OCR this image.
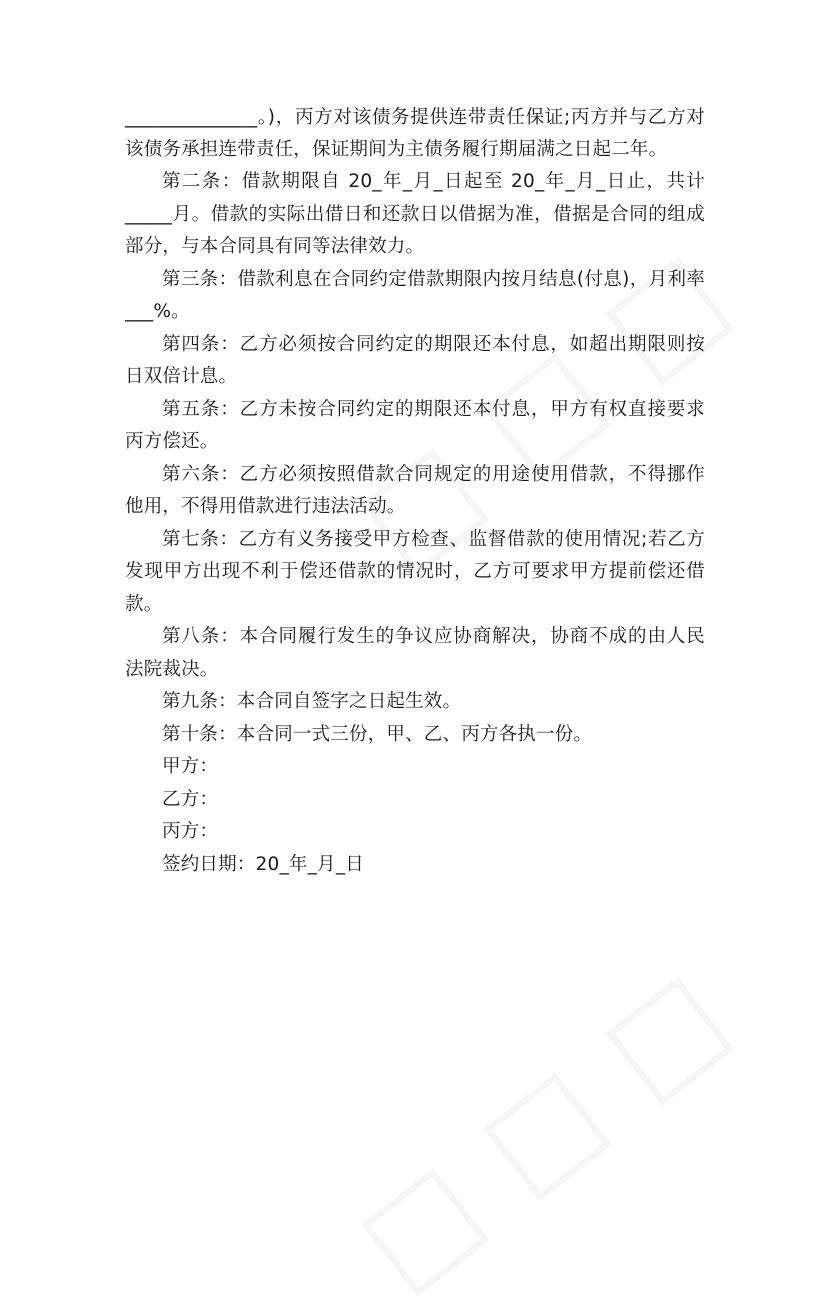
______________。)，丙方对该债务提供连带责任保证;丙方并与乙方对
该债务承担连带责任，保证期间为主债务履行期届满之日起二年。
第二条：借款期限自 20_年_月_日起至 20_年_月_日止，共计
_____月。借款的实际出借日和还款日以借据为准，借据是合同的组成
部分，与本合同具有同等法律效力。
第三条：借款利息在合同约定借款期限内按月结息(付息)，月利率
___%。
第四条：乙方必须按合同约定的期限还本付息，如超出期限则按
日双倍计息。
第五条：乙方未按合同约定的期限还本付息，甲方有权直接要求
丙方偿还。
第六条：乙方必须按照借款合同规定的用途使用借款，不得挪作
他用，不得用借款进行违法活动。
第七条：乙方有义务接受甲方检查、监督借款的使用情况;若乙方
发现甲方出现不利于偿还借款的情况时，乙方可要求甲方提前偿还借
款。
第八条：本合同履行发生的争议应协商解决，协商不成的由人民
法院裁决。
第九条：本合同自签字之日起生效。
第十条：本合同一式三份，甲、乙、丙方各执一份。
甲方：
乙方：
丙方：
签约日期：20_年_月_日
